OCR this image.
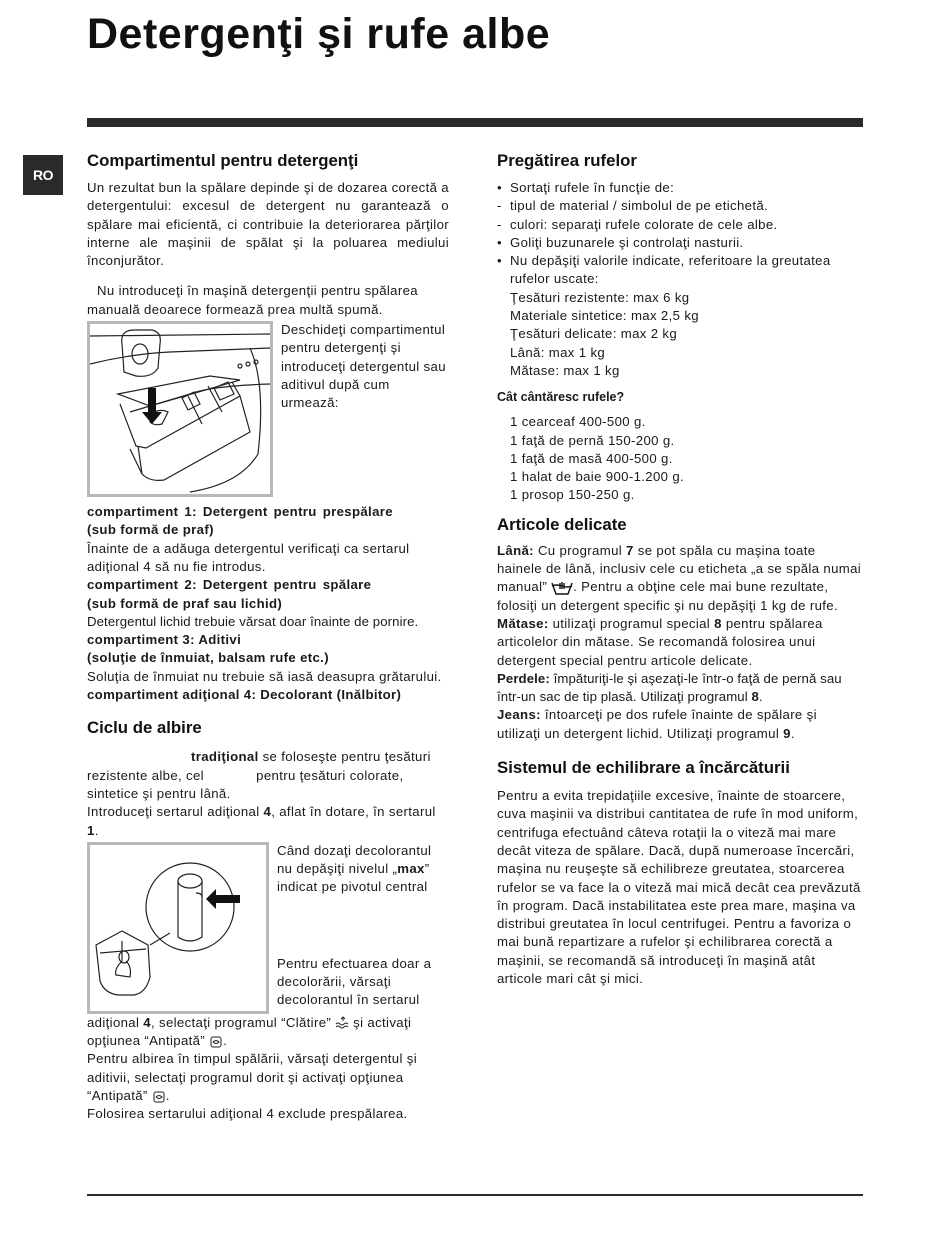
Detergenţi şi rufe albe
RO
Compartimentul pentru detergenţi

Un rezultat bun la spălare depinde şi de dozarea corectă a detergentului: excesul de detergent nu garantează o spălare mai eficientă, ci contribuie la deteriorarea părţilor interne ale maşinii de spălat şi la poluarea mediului înconjurător.

Nu introduceţi în maşină detergenţii pentru spălarea manuală deoarece formează prea multă spumă.

Deschideţi compartimentul pentru detergenţi şi introduceţi detergentul sau aditivul după cum urmează:

compartiment 1: Detergent pentru prespălare

(sub formă de praf)

Înainte de a adăuga detergentul verificaţi ca sertarul adiţional 4 să nu fie introdus.

compartiment 2: Detergent pentru spălare

(sub formă de praf sau lichid)

Detergentul lichid trebuie vărsat doar înainte de pornire.

compartiment 3: Aditivi

(soluţie de înmuiat, balsam rufe etc.)

Soluţia de înmuiat nu trebuie să iasă deasupra grătarului.

compartiment adiţional 4: Decolorant (Inălbitor)

Ciclu de albire

tradiţional se foloseşte pentru ţesături rezistente albe, cel	pentru ţesături colorate, sintetice şi pentru lână.

Introduceţi sertarul adiţional 4, aflat în dotare, în sertarul 1.

Când dozaţi decolorantul nu depăşiţi nivelul „max” indicat pe pivotul central

Pentru efectuarea doar a decolorării, vărsaţi decolorantul în sertarul

adiţional 4, selectaţi programul “Clătire” şi activaţi opţiunea “Antipată” .

Pentru albirea în timpul spălării, vărsaţi detergentul şi aditivii, selectaţi programul dorit şi activaţi opţiunea “Antipată” .

Folosirea sertarului adiţional 4 exclude prespălarea.

Pregătirea rufelor
• Sortaţi rufele în funcţie de:
- tipul de material / simbolul de pe etichetă.
- culori: separaţi rufele colorate de cele albe.
• Goliţi buzunarele şi controlaţi nasturii.
• Nu depăşiţi valorile indicate, referitoare la greutatea rufelor uscate:

Ţesături rezistente: max 6 kg

Materiale sintetice: max 2,5 kg

Ţesături delicate: max 2 kg

Lână: max 1 kg

Mătase: max 1 kg

Cât cântăresc rufele?

1 cearceaf 400-500 g.

1 faţă de pernă 150-200 g.

1 faţă de masă 400-500 g.

1 halat de baie 900-1.200 g.

1 prosop 150-250 g.

Articole delicate

Lână: Cu programul 7 se pot spăla cu maşina toate hainele de lână, inclusiv cele cu eticheta „a se spăla numai manual” . Pentru a obţine cele mai bune rezultate, folosiţi un detergent specific şi nu depăşiţi 1 kg de rufe.

Mătase: utilizaţi programul special 8 pentru spălarea articolelor din mătase. Se recomandă folosirea unui detergent special pentru articole delicate.

Perdele: împăturiţi-le şi aşezaţi-le într-o faţă de pernă sau într-un sac de tip plasă. Utilizaţi programul 8.

Jeans: întoarceţi pe dos rufele înainte de spălare şi utilizaţi un detergent lichid. Utilizaţi programul 9.

Sistemul de echilibrare a încărcăturii

Pentru a evita trepidaţiile excesive, înainte de stoarcere, cuva maşinii va distribui cantitatea de rufe în mod uniform, centrifuga efectuând câteva rotaţii la o viteză mai mare decât viteza de spălare. Dacă, după numeroase încercări, maşina nu reuşeşte să echilibreze greutatea, stoarcerea rufelor se va face la o viteză mai mică decât cea prevăzută în program. Dacă instabilitatea este prea mare, maşina va distribui greutatea în locul centrifugei. Pentru a favoriza o mai bună repartizare a rufelor şi echilibrarea corectă a maşinii, se recomandă să introduceţi în maşină atât articole mari cât şi mici.
